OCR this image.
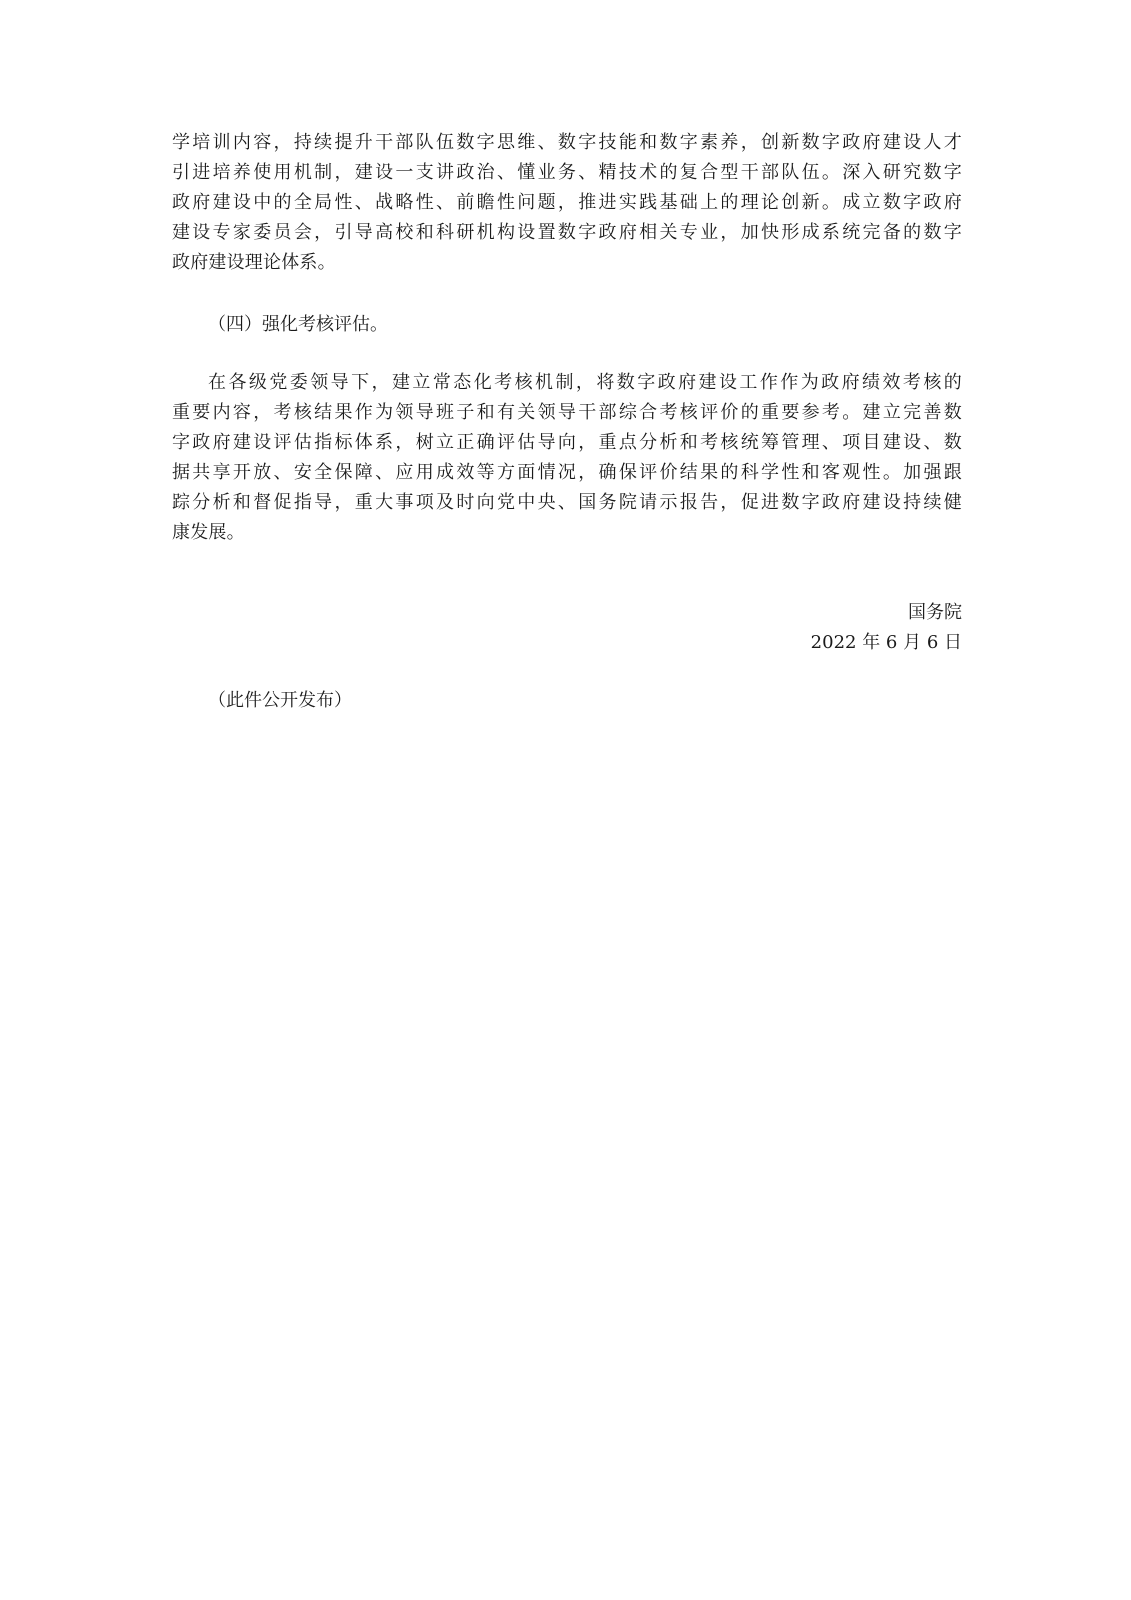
学培训内容，持续提升干部队伍数字思维、数字技能和数字素养，创新数字政府建设人才
引进培养使用机制，建设一支讲政治、懂业务、精技术的复合型干部队伍。深入研究数字
政府建设中的全局性、战略性、前瞻性问题，推进实践基础上的理论创新。成立数字政府
建设专家委员会，引导高校和科研机构设置数字政府相关专业，加快形成系统完备的数字
政府建设理论体系。
（四）强化考核评估。
在各级党委领导下，建立常态化考核机制，将数字政府建设工作作为政府绩效考核的
重要内容，考核结果作为领导班子和有关领导干部综合考核评价的重要参考。建立完善数
字政府建设评估指标体系，树立正确评估导向，重点分析和考核统筹管理、项目建设、数
据共享开放、安全保障、应用成效等方面情况，确保评价结果的科学性和客观性。加强跟
踪分析和督促指导，重大事项及时向党中央、国务院请示报告，促进数字政府建设持续健
康发展。
国务院
2022 年 6 月 6 日
（此件公开发布）
